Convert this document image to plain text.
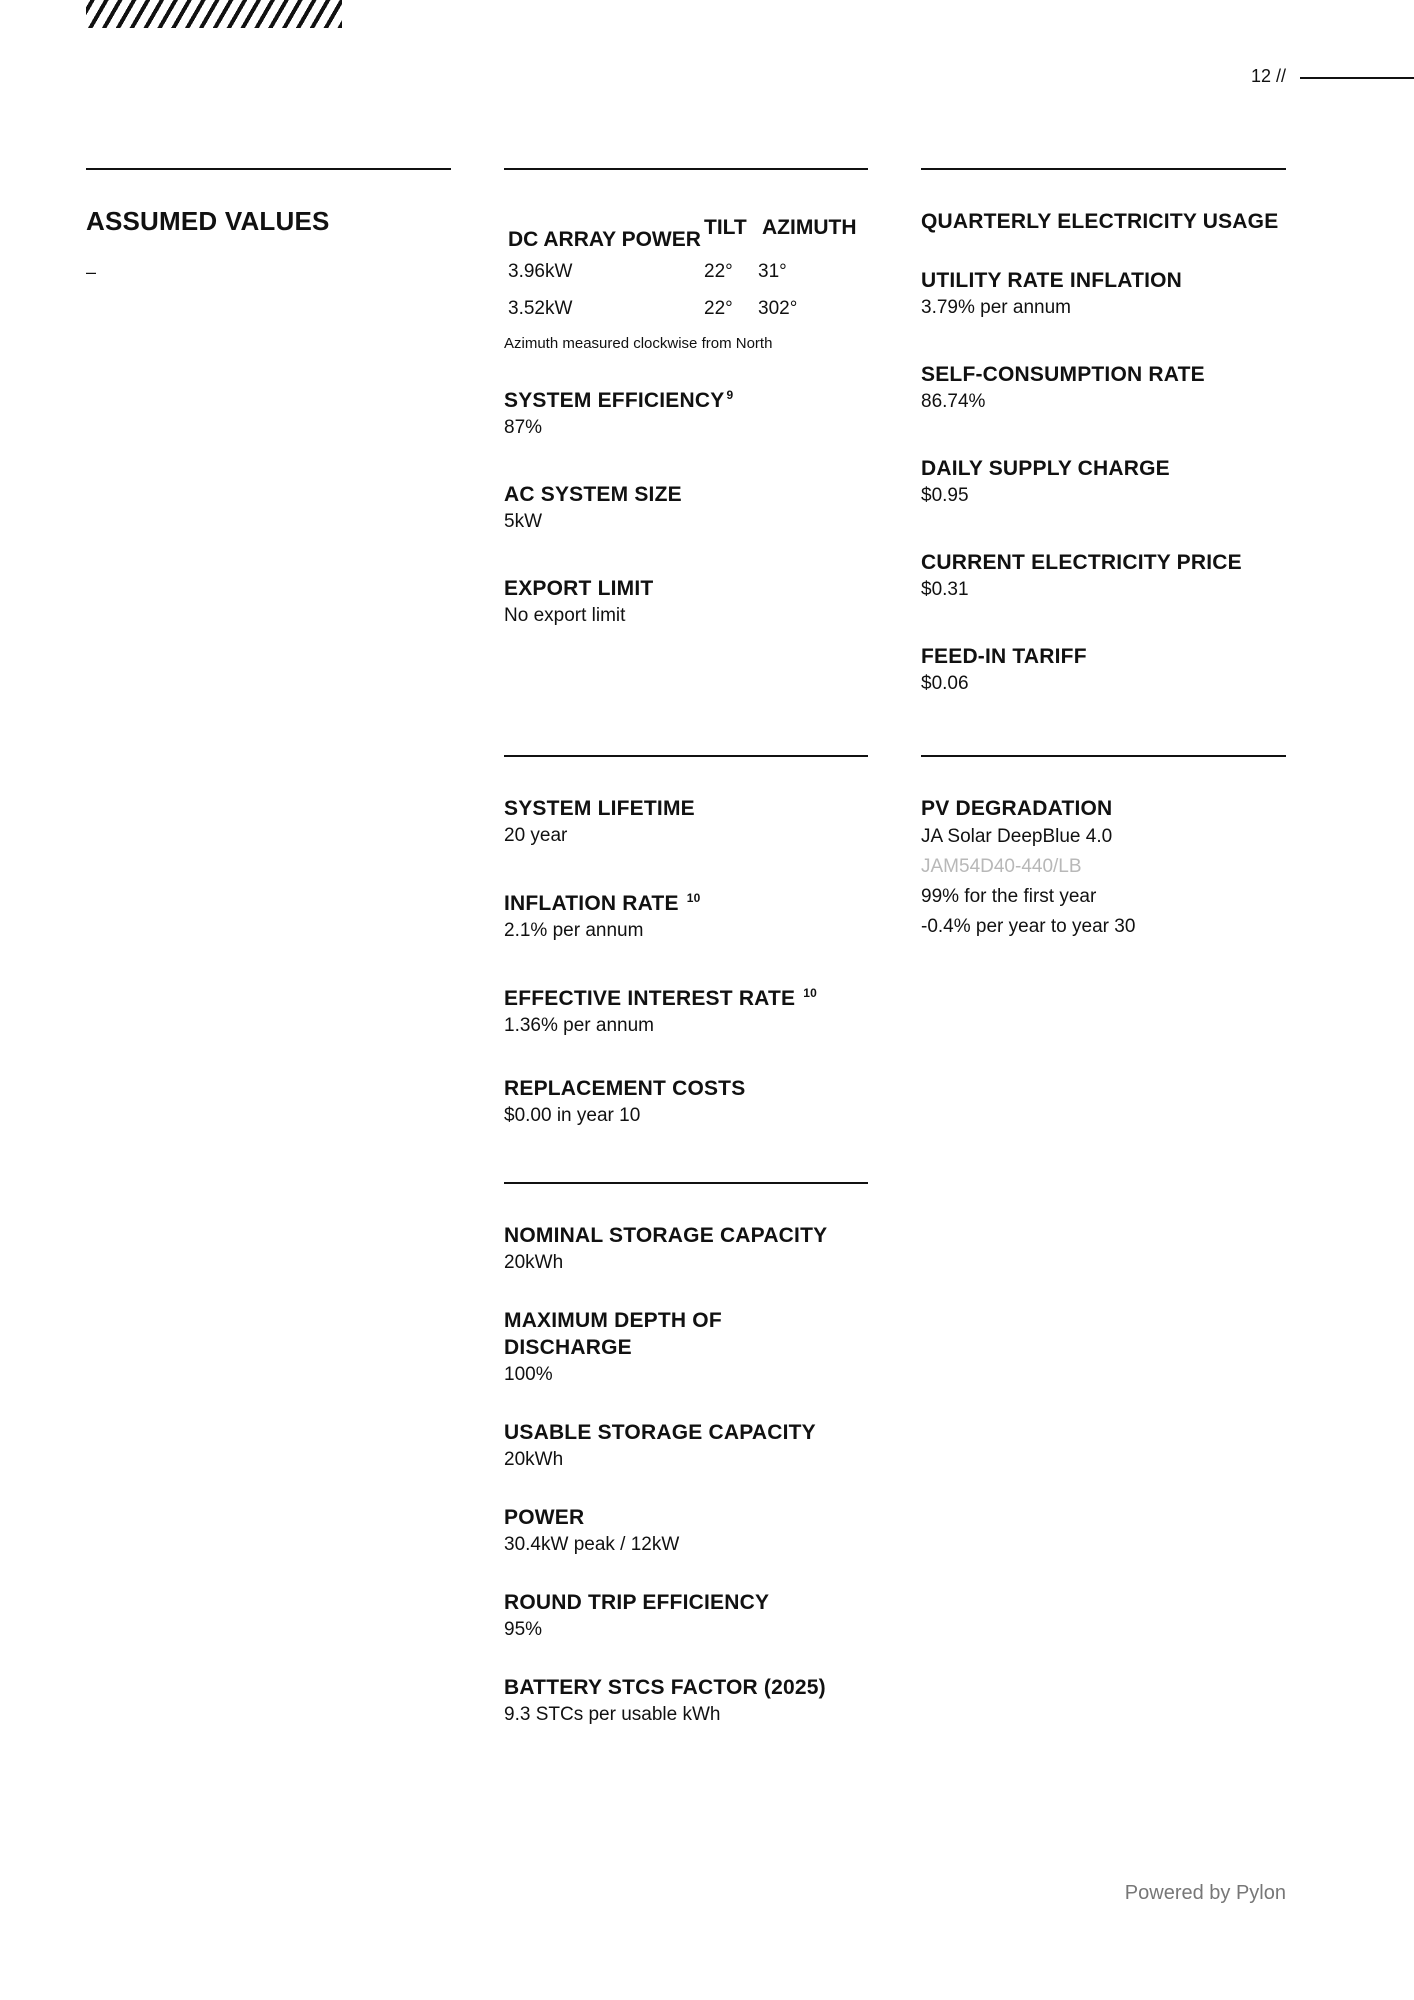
12 //
ASSUMED VALUES
–
DC ARRAY POWER	TILT	AZIMUTH
3.96kW	22°	31°
3.52kW	22°	302°
Azimuth measured clockwise from North
SYSTEM EFFICIENCY $^9$
87%
AC SYSTEM SIZE
5kW
EXPORT LIMIT
No export limit
QUARTERLY ELECTRICITY USAGE
UTILITY RATE INFLATION
3.79% per annum
SELF-CONSUMPTION RATE
86.74%
DAILY SUPPLY CHARGE
$0.95
CURRENT ELECTRICITY PRICE
$0.31
FEED-IN TARIFF
$0.06
SYSTEM LIFETIME
20 year
INFLATION RATE $^{10}$
2.1% per annum
EFFECTIVE INTEREST RATE $^{10}$
1.36% per annum
REPLACEMENT COSTS
$0.00 in year 10
PV DEGRADATION
JA Solar DeepBlue 4.0
JAM54D40-440/LB
99% for the first year
-0.4% per year to year 30
NOMINAL STORAGE CAPACITY
20kWh
MAXIMUM DEPTH OF DISCHARGE
100%
USABLE STORAGE CAPACITY
20kWh
POWER
30.4kW peak / 12kW
ROUND TRIP EFFICIENCY
95%
BATTERY STCS FACTOR (2025)
9.3 STCs per usable kWh
Powered by Pylon
